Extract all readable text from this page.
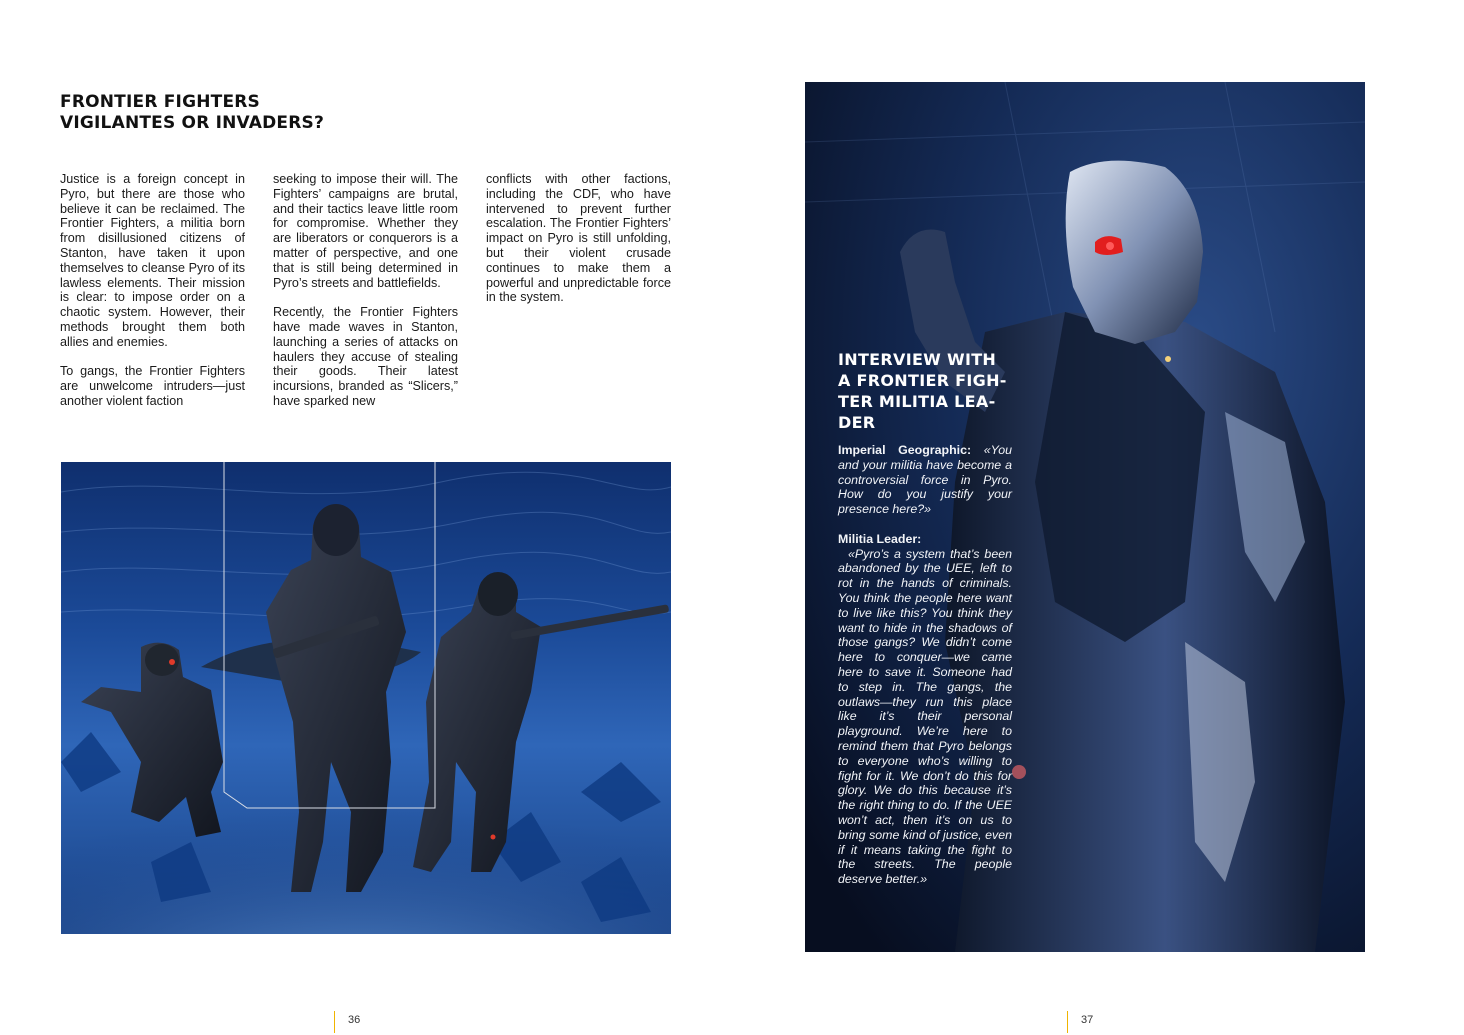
FRONTIER FIGHTERS
VIGILANTES OR INVADERS?

Justice is a foreign concept in Pyro, but there are those who believe it can be reclaimed. The Frontier Fighters, a militia born from disillusioned citizens of Stanton, have taken it upon themselves to cleanse Pyro of its lawless elements. Their mission is clear: to impose order on a chaotic system. However, their methods brought them both allies and enemies.

To gangs, the Frontier Fighters are unwelcome intruders—just another violent faction

seeking to impose their will. The Fighters’ campaigns are brutal, and their tactics leave little room for compromise. Whether they are liberators or conquerors is a matter of perspective, and one that is still being determined in Pyro’s streets and battlefields.

Recently, the Frontier Fighters have made waves in Stanton, launching a series of attacks on haulers they accuse of stealing their goods. Their latest incursions, branded as “Slicers,” have sparked new

conflicts with other factions, including the CDF, who have intervened to prevent further escalation. The Frontier Fighters’ impact on Pyro is still unfolding, but their violent crusade continues to make them a powerful and unpredictable force in the system.

36
INTERVIEW WITH
A FRONTIER FIGH-
TER MILITIA LEA-
DER
Imperial Geographic: «You and your militia have become a controversial force in Pyro. How do you justify your presence here?»
Militia Leader:
«Pyro’s a system that’s been abandoned by the UEE, left to rot in the hands of criminals. You think the people here want to live like this? You think they want to hide in the shadows of those gangs? We didn’t come here to conquer—we came here to save it. Someone had to step in. The gangs, the outlaws—they run this place like it’s their personal playground. We’re here to remind them that Pyro belongs to everyone who’s willing to fight for it. We don’t do this for glory. We do this because it’s the right thing to do. If the UEE won’t act, then it’s on us to bring some kind of justice, even if it means taking the fight to the streets. The people deserve better.»
37
